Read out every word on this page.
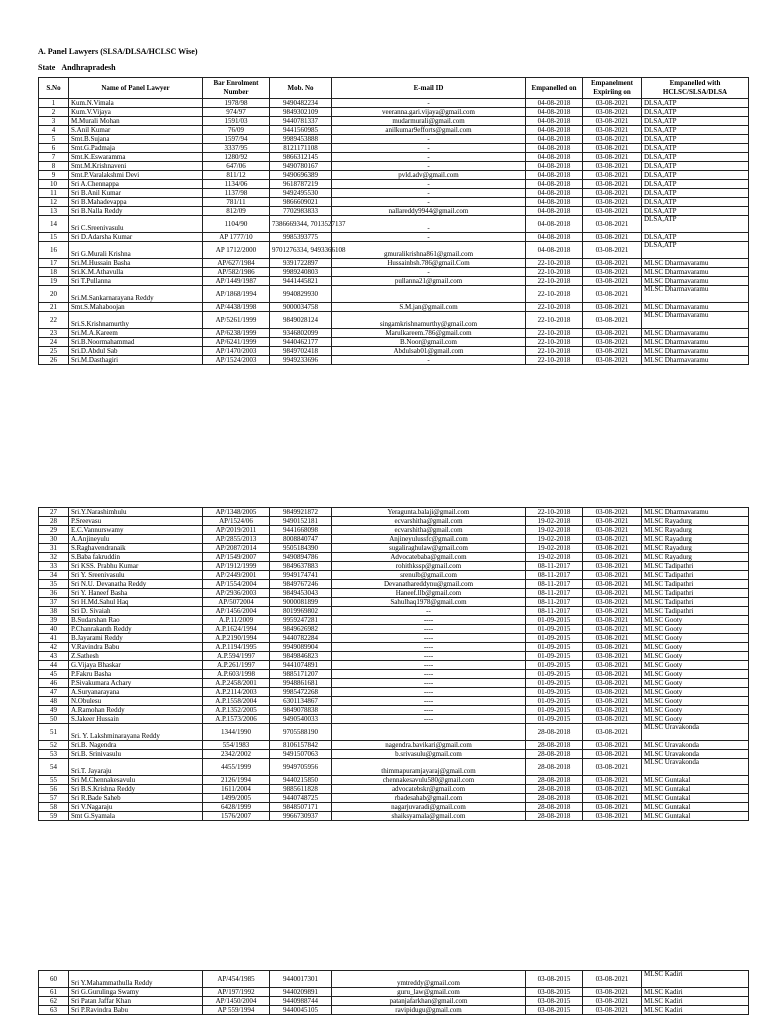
A. Panel Lawyers (SLSA/DLSA/HCLSC Wise)
State Andhrapradesh
S.No	Name of Panel Lawyer	Bar Enrolment Number	Mob. No	E-mail ID	Empanelled on	Empanelment Expiriing on	Empanelled with HCLSC/SLSA/DLSA
1	Kum.N.Vimala	1978/98	9490482234	-	04-08-2018	03-08-2021	DLSA,ATP
2	Kum.V.Vijaya	974/97	9849302109	veeranna.gari.vijaya@gmail.com	04-08-2018	03-08-2021	DLSA,ATP
3	M.Murali Mohan	1591/03	9440781337	mudarmurali@gmail.com	04-08-2018	03-08-2021	DLSA,ATP
4	S.Anil Kumar	76/09	9441560985	anilkumar9efforts@gmail.com	04-08-2018	03-08-2021	DLSA,ATP
5	Smt.B.Sujana	1597/94	9989453888	-	04-08-2018	03-08-2021	DLSA,ATP
6	Smt.G.Padmaja	3337/95	8121171108	-	04-08-2018	03-08-2021	DLSA,ATP
7	Smt.K.Eswaramma	1280/92	9866312145	-	04-08-2018	03-08-2021	DLSA,ATP
8	Smt.M.Krishnaveni	647/06	9490780167	-	04-08-2018	03-08-2021	DLSA,ATP
9	Smt.P.Varalakshmi Devi	811/12	9490696389	pvld.adv@gmail.com	04-08-2018	03-08-2021	DLSA,ATP
10	Sri A.Chennappa	1134/06	9618787219	-	04-08-2018	03-08-2021	DLSA,ATP
11	Sri B.Anil Kumar	1137/98	9492495530	-	04-08-2018	03-08-2021	DLSA,ATP
12	Sri B.Mahadevappa	781/11	9866609021	-	04-08-2018	03-08-2021	DLSA,ATP
13	Sri B.Nalla Reddy	812/09	7702983833	nallareddy9944@gmail.com	04-08-2018	03-08-2021	DLSA,ATP
14	Sri C.Sreenivasulu	1104/90	7386669344, 7013527137	-	04-08-2018	03-08-2021	DLSA,ATP
15	Sri D.Adarsha Kumar	AP 1777/10	9985393775	-	04-08-2018	03-08-2021	DLSA,ATP
16	Sri G.Murali Krishna	AP 1712/2000	9701276334, 9493366108	gmuralikrishna861@gmail.com	04-08-2018	03-08-2021	DLSA,ATP
17	Sri.M.Hussain Basha	AP/627/1984	9391722897	Hussainbsh.786@gmail.Com	22-10-2018	03-08-2021	MLSC Dharmavaramu
18	Sri.K.M.Athavulla	AP/582/1986	9989240803	-	22-10-2018	03-08-2021	MLSC Dharmavaramu
19	Sri T.Pullanna	AP/1449/1987	9441445821	pullanna21@gmail.com	22-10-2018	03-08-2021	MLSC Dharmavaramu
20	Sri.M.Sankarnarayana Reddy	AP/1868/1994	9940829930		22-10-2018	03-08-2021	MLSC Dharmavaramu
21	Smt.S.Mahaboojan	AP/4438/1998	9000034758	S.M.jan@gmail.com	22-10-2018	03-08-2021	MLSC Dharmavaramu
22	Sri.S.Krishnamurthy	AP/5261/1999	9849028124	singamkrishnamurthy@gmail.com	22-10-2018	03-08-2021	MLSC Dharmavaramu
23	Sri.M.A.Kareem	AP/6238/1999	9346802099	Marulkareem.786@gmail.com	22-10-2018	03-08-2021	MLSC Dharmavaramu
24	Sri.B.Noormahammad	AP/6241/1999	9440462177	B.Noor@gmail.com	22-10-2018	03-08-2021	MLSC Dharmavaramu
25	Sri.D.Abdul Sab	AP/1470/2003	9849702418	Abdulsab01@gmail.com	22-10-2018	03-08-2021	MLSC Dharmavaramu
26	Sri.M.Dasthagiri	AP/1524/2003	9949233696	-	22-10-2018	03-08-2021	MLSC Dharmavaramu
27	Sri.Y.Narashimhulu	AP/1348/2005	9849921872	Yeragunta.balaji@gmail.com	22-10-2018	03-08-2021	MLSC Dharmavaramu
28	P.Sreevasu	AP/1524/06	9490152181	ecvarshitha@gmail.com	19-02-2018	03-08-2021	MLSC Rayadurg
29	E.C.Vannurswamy	AP/2019/2011	9441668098	ecvarshitha@gmail.com	19-02-2018	03-08-2021	MLSC Rayadurg
30	A.Anjineyulu	AP/2855/2013	8008840747	Anjineyulussfc@gmail.com	19-02-2018	03-08-2021	MLSC Rayadurg
31	S.Raghavendranaik	AP/2087/2014	9505184390	sugaliraghulaw@gmail.com	19-02-2018	03-08-2021	MLSC Rayadurg
32	S.Baba fakruddin	AP/1549/2007	9490894786	Advocatebaba@gmail.com	19-02-2018	03-08-2021	MLSC Rayadurg
33	Sri KSS. Prabhu Kumar	AP/1912/1999	9849637883	rohithkssp@gmail.com	08-11-2017	03-08-2021	MLSC Tadipathri
34	Sri Y. Sreenivasulu	AP/2449/2001	9949174741	srenulb@gmail.com	08-11-2017	03-08-2021	MLSC Tadipathri
35	Sri N.U. Devanatha Reddy	AP/1554/2004	9849767246	Devanathareddynu@gmail.com	08-11-2017	03-08-2021	MLSC Tadipathri
36	Sri Y. Haneef Basha	AP/2936/2003	9849453043	Haneef.llb@gmail.com	08-11-2017	03-08-2021	MLSC Tadipathri
37	Sri H.Md.Sahul Haq	AP/5072004	9000081899	Sahulhaq1978@gmail.com	08-11-2017	03-08-2021	MLSC Tadipathri
38	Sri D. Sivaiah	AP/1456/2004	8019969802	--	08-11-2017	03-08-2021	MLSC Tadipathri
39	B.Sudarshan Rao	A.P.11/2009	9959247281	----	01-09-2015	03-08-2021	MLSC Gooty
40	P.Chanrakanth Reddy	A.P.1624/1994	9849626982	----	01-09-2015	03-08-2021	MLSC Gooty
41	B.Jayarami Reddy	A.P.2190/1994	9440782284	----	01-09-2015	03-08-2021	MLSC Gooty
42	V.Ravindra Babu	A.P.1194/1995	9949089904	----	01-09-2015	03-08-2021	MLSC Gooty
43	Z.Sathesh	A.P.594/1997	9849846823	----	01-09-2015	03-08-2021	MLSC Gooty
44	G.Vijaya Bhaskar	A.P.261/1997	9441074891	----	01-09-2015	03-08-2021	MLSC Gooty
45	P.Fakru Basha	A.P.603/1998	9885171207	----	01-09-2015	03-08-2021	MLSC Gooty
46	P.Sivakumara Achary	A.P.2458/2001	9948861681	----	01-09-2015	03-08-2021	MLSC Gooty
47	A.Suryanarayana	A.P.2114/2003	9985472268	----	01-09-2015	03-08-2021	MLSC Gooty
48	N.Obulesu	A.P.1558/2004	6301134867	----	01-09-2015	03-08-2021	MLSC Gooty
49	A.Ramohan Reddy	A.P.1352/2005	9849078838	----	01-09-2015	03-08-2021	MLSC Gooty
50	S.Jakeer Hussain	A.P.1573/2006	9490540033	----	01-09-2015	03-08-2021	MLSC Gooty
51	Sri. Y. Lakshminarayana Reddy	1344/1990	9705588190		28-08-2018	03-08-2021	MLSC Uravakonda
52	Sri.B. Nagendra	554/1983	8106157842	nagendra.bavikari@gmail.com	28-08-2018	03-08-2021	MLSC Uravakonda
53	Sri.B. Srinivasulu	2342/2002	9491507063	b.srivasulu@gmail.com	28-08-2018	03-08-2021	MLSC Uravakonda
54	Sri.T. Jayaraju	4455/1999	9949705956	thimmapuramjayaraj@gmail.com	28-08-2018	03-08-2021	MLSC Uravakonda
55	Sri M.Chennakesavulu	2126/1994	9440215850	chennakesavulu580@gmail.com	28-08-2018	03-08-2021	MLSC Guntakal
56	Sri B.S.Krishna Reddy	1611/2004	9885611828	advocatebskr@gmail.com	28-08-2018	03-08-2021	MLSC Guntakal
57	Sri R.Bade Saheb	1499/2005	9440748725	rbadesahab@gmail.com	28-08-2018	03-08-2021	MLSC Guntakal
58	Sri V.Nagaraju	6428/1999	9848507171	nagarjuvaradi@gmail.com	28-08-2018	03-08-2021	MLSC Guntakal
59	Smt G.Syamala	1576/2007	9966730937	shaiksyamala@gmail.com	28-08-2018	03-08-2021	MLSC Guntakal
60	Sri Y.Mahammathulla Reddy	AP/454/1985	9440017301	ymtreddy@gmail.com	03-08-2015	03-08-2021	MLSC Kadiri
61	Sri G.Gurulinga Swamy	AP/197/1992	9440209891	guru_law@gmail.com	03-08-2015	03-08-2021	MLSC Kadiri
62	Sri Patan Jaffar Khan	AP/1450/2004	9440988744	patanjafarkhan@gmail.com	03-08-2015	03-08-2021	MLSC Kadiri
63	Sri P.Ravindra Babu	AP 559/1994	9440045105	ravipidugu@gmail.com	03-08-2015	03-08-2021	MLSC Kadiri
